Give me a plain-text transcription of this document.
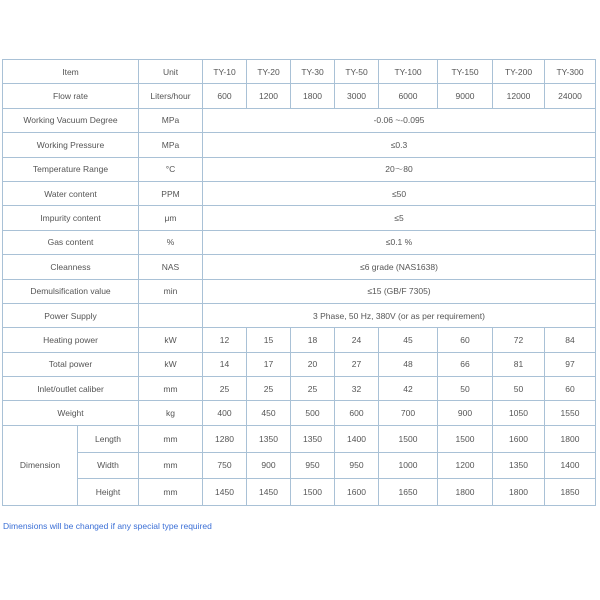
Item		Unit	TY-10	TY-20	TY-30	TY-50	TY-100	TY-150	TY-200	TY-300
Flow rate		Liters/hour	600	1200	1800	3000	6000	9000	12000	24000
Working Vacuum Degree		MPa	-0.06 ~-0.095							
Working Pressure		MPa	≤0.3							
Temperature Range		°C	20～80							
Water content		PPM	≤50							
Impurity content		μm	≤5							
Gas content		%	≤0.1 %							
Cleanness		NAS	≤6 grade (NAS1638)							
Demulsification value		min	≤15 (GB/F 7305)							
Power Supply			3 Phase, 50 Hz, 380V (or as per requirement)							
Heating power		kW	12	15	18	24	45	60	72	84
Total power		kW	14	17	20	27	48	66	81	97
Inlet/outlet caliber		mm	25	25	25	32	42	50	50	60
Weight		kg	400	450	500	600	700	900	1050	1550
Dimension	Length	mm	1280	1350	1350	1400	1500	1500	1600	1800
	Width	mm	750	900	950	950	1000	1200	1350	1400
	Height	mm	1450	1450	1500	1600	1650	1800	1800	1850
Dimensions will be changed if any special type required
